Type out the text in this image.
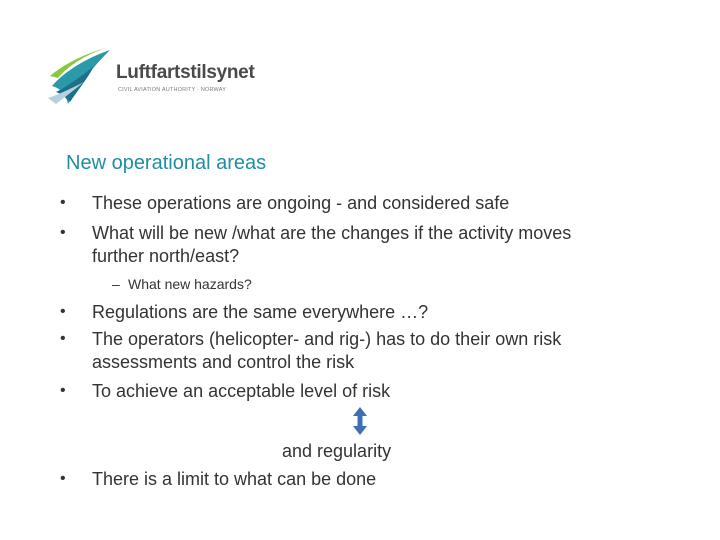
Luftfartstilsynet
CIVIL AVIATION AUTHORITY · NORWAY
New operational areas
• These operations are ongoing - and considered safe
• What will be new /what are the changes if the activity moves
further north/east?
– What new hazards?
• Regulations are the same everywhere …?
• The operators (helicopter- and rig-) has to do their own risk
assessments and control the risk
• To achieve an acceptable level of risk
and regularity
• There is a limit to what can be done
